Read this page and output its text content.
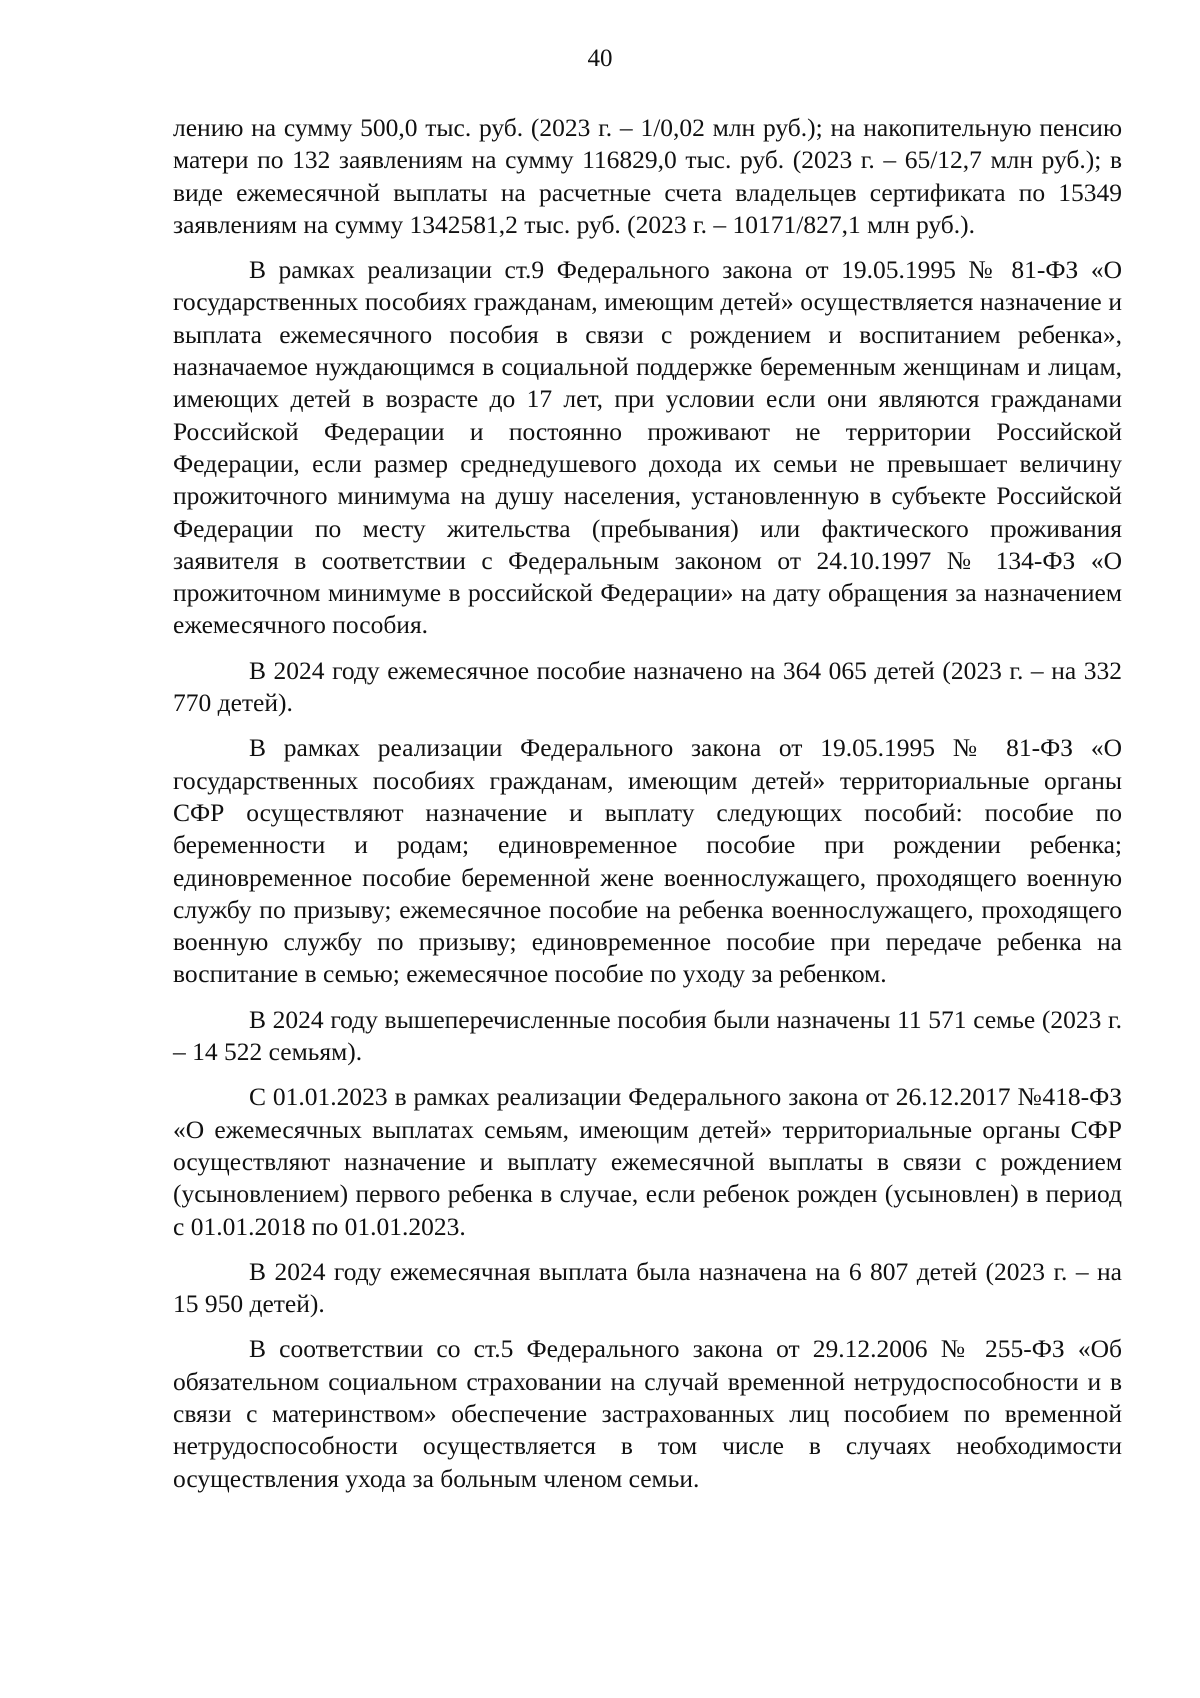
40

лению на сумму 500,0 тыс. руб. (2023 г. – 1/0,02 млн руб.); на накопительную пенсию матери по 132 заявлениям на сумму 116829,0 тыс. руб. (2023 г. – 65/12,7 млн руб.); в виде ежемесячной выплаты на расчетные счета владельцев сертификата по 15349 заявлениям на сумму 1342581,2 тыс. руб. (2023 г. – 10171/827,1 млн руб.).

В рамках реализации ст.9 Федерального закона от 19.05.1995 № 81-ФЗ «О государственных пособиях гражданам, имеющим детей» осуществляется назначение и выплата ежемесячного пособия в связи с рождением и воспитанием ребенка», назначаемое нуждающимся в социальной поддержке беременным женщинам и лицам, имеющих детей в возрасте до 17 лет, при условии если они являются гражданами Российской Федерации и постоянно проживают не территории Российской Федерации, если размер среднедушевого дохода их семьи не превышает величину прожиточного минимума на душу населения, установленную в субъекте Российской Федерации по месту жительства (пребывания) или фактического проживания заявителя в соответствии с Федеральным законом от 24.10.1997 № 134-ФЗ «О прожиточном минимуме в российской Федерации» на дату обращения за назначением ежемесячного пособия.

В 2024 году ежемесячное пособие назначено на 364 065 детей (2023 г. – на 332 770 детей).

В рамках реализации Федерального закона от 19.05.1995 № 81-ФЗ «О государственных пособиях гражданам, имеющим детей» территориальные органы СФР осуществляют назначение и выплату следующих пособий: пособие по беременности и родам; единовременное пособие при рождении ребенка; единовременное пособие беременной жене военнослужащего, проходящего военную службу по призыву; ежемесячное пособие на ребенка военнослужащего, проходящего военную службу по призыву; единовременное пособие при передаче ребенка на воспитание в семью; ежемесячное пособие по уходу за ребенком.

В 2024 году вышеперечисленные пособия были назначены 11 571 семье (2023 г. – 14 522 семьям).

С 01.01.2023 в рамках реализации Федерального закона от 26.12.2017 №418-ФЗ «О ежемесячных выплатах семьям, имеющим детей» территориальные органы СФР осуществляют назначение и выплату ежемесячной выплаты в связи с рождением (усыновлением) первого ребенка в случае, если ребенок рожден (усыновлен) в период с 01.01.2018 по 01.01.2023.

В 2024 году ежемесячная выплата была назначена на 6 807 детей (2023 г. – на 15 950 детей).

В соответствии со ст.5 Федерального закона от 29.12.2006 № 255-ФЗ «Об обязательном социальном страховании на случай временной нетрудоспособности и в связи с материнством» обеспечение застрахованных лиц пособием по временной нетрудоспособности осуществляется в том числе в случаях необходимости осуществления ухода за больным членом семьи.
